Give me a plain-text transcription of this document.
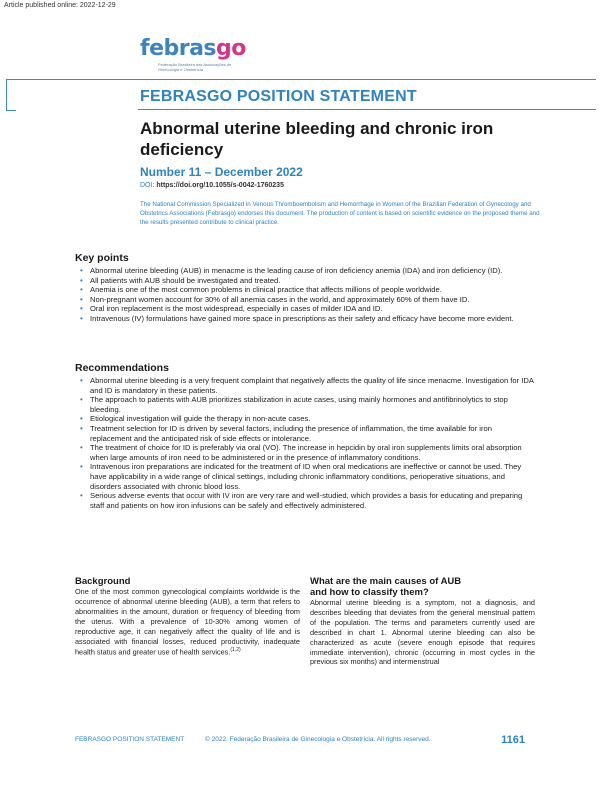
Article published online: 2022-12-29
febrasgo
Federação Brasileira das Associações de Ginecologia e Obstetrícia
FEBRASGO POSITION STATEMENT
Abnormal uterine bleeding and chronic iron deficiency
Number 11 – December 2022
DOI: https://doi.org/10.1055/s-0042-1760235
The National Commission Specialized in Venous Thromboembolism and Hemorrhage in Women of the Brazilian Federation of Gynecology and Obstetrics Associations (Febrasgo) endorses this document. The production of content is based on scientific evidence on the proposed theme and the results presented contribute to clinical practice.
Key points
• Abnormal uterine bleeding (AUB) in menacme is the leading cause of iron deficiency anemia (IDA) and iron deficiency (ID).
• All patients with AUB should be investigated and treated.
• Anemia is one of the most common problems in clinical practice that affects millions of people worldwide.
• Non-pregnant women account for 30% of all anemia cases in the world, and approximately 60% of them have ID.
• Oral iron replacement is the most widespread, especially in cases of milder IDA and ID.
• Intravenous (IV) formulations have gained more space in prescriptions as their safety and efficacy have become more evident.
Recommendations
• Abnormal uterine bleeding is a very frequent complaint that negatively affects the quality of life since menacme. Investigation for IDA and ID is mandatory in these patients.
• The approach to patients with AUB prioritizes stabilization in acute cases, using mainly hormones and antifibrinolytics to stop bleeding.
• Etiological investigation will guide the therapy in non-acute cases.
• Treatment selection for ID is driven by several factors, including the presence of inflammation, the time available for iron replacement and the anticipated risk of side effects or intolerance.
• The treatment of choice for ID is preferably via oral (VO). The increase in hepcidin by oral iron supplements limits oral absorption when large amounts of iron need to be administered or in the presence of inflammatory conditions.
• Intravenous iron preparations are indicated for the treatment of ID when oral medications are ineffective or cannot be used. They have applicability in a wide range of clinical settings, including chronic inflammatory conditions, perioperative situations, and disorders associated with chronic blood loss.
• Serious adverse events that occur with IV iron are very rare and well-studied, which provides a basis for educating and preparing staff and patients on how iron infusions can be safely and effectively administered.
Background

One of the most common gynecological complaints worldwide is the occurrence of abnormal uterine bleeding (AUB), a term that refers to abnormalities in the amount, duration or frequency of bleeding from the uterus. With a prevalence of 10-30% among women of reproductive age, it can negatively affect the quality of life and is associated with financial losses, reduced productivity, inadequate health status and greater use of health services.$^{(1,2)}$

What are the main causes of AUB
and how to classify them?

Abnormal uterine bleeding is a symptom, not a diagnosis, and describes bleeding that deviates from the general menstrual pattern of the population. The terms and parameters currently used are described in chart 1. Abnormal uterine bleeding can also be characterized as acute (severe enough episode that requires immediate intervention), chronic (occurring in most cycles in the previous six months) and intermenstrual

FEBRASGO POSITION STATEMENT	© 2022. Federação Brasileira de Ginecologia e Obstetrícia. All rights reserved.	1161
